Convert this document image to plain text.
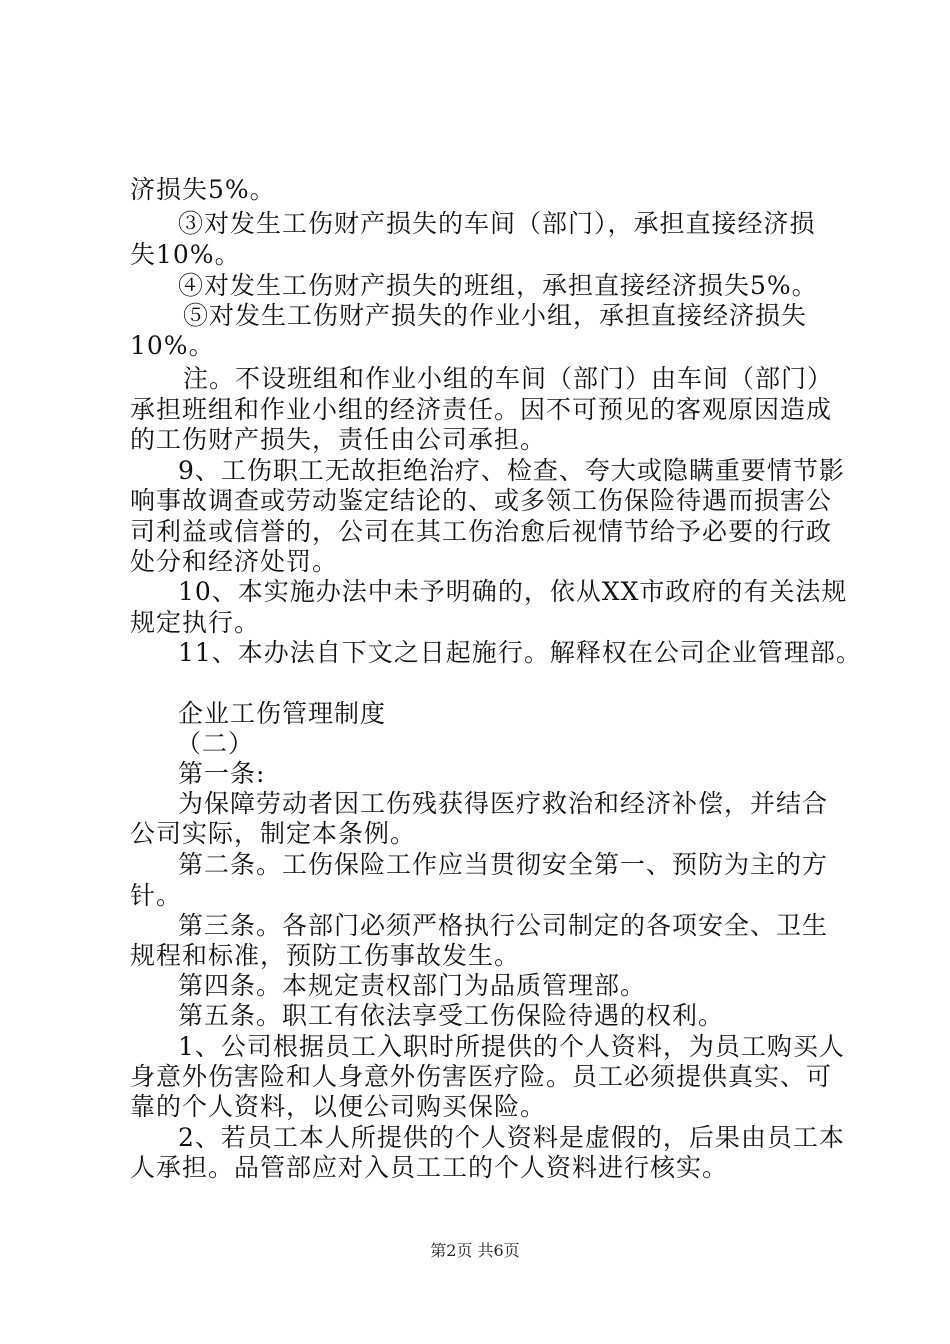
济损失5%。
③对发生工伤财产损失的车间（部门），承担直接经济损
失10%。
④对发生工伤财产损失的班组，承担直接经济损失5%。
⑤对发生工伤财产损失的作业小组，承担直接经济损失
10%。
注。不设班组和作业小组的车间（部门）由车间（部门）
承担班组和作业小组的经济责任。因不可预见的客观原因造成
的工伤财产损失，责任由公司承担。
9、工伤职工无故拒绝治疗、检查、夸大或隐瞒重要情节影
响事故调查或劳动鉴定结论的、或多领工伤保险待遇而损害公
司利益或信誉的，公司在其工伤治愈后视情节给予必要的行政
处分和经济处罚。
10、本实施办法中未予明确的，依从XX市政府的有关法规
规定执行。
11、本办法自下文之日起施行。解释权在公司企业管理部。
企业工伤管理制度
（二）
第一条:
为保障劳动者因工伤残获得医疗救治和经济补偿，并结合
公司实际，制定本条例。
第二条。工伤保险工作应当贯彻安全第一、预防为主的方
针。
第三条。各部门必须严格执行公司制定的各项安全、卫生
规程和标准，预防工伤事故发生。
第四条。本规定责权部门为品质管理部。
第五条。职工有依法享受工伤保险待遇的权利。
1、公司根据员工入职时所提供的个人资料，为员工购买人
身意外伤害险和人身意外伤害医疗险。员工必须提供真实、可
靠的个人资料，以便公司购买保险。
2、若员工本人所提供的个人资料是虚假的，后果由员工本
人承担。品管部应对入员工工的个人资料进行核实。
第2页 共6页
